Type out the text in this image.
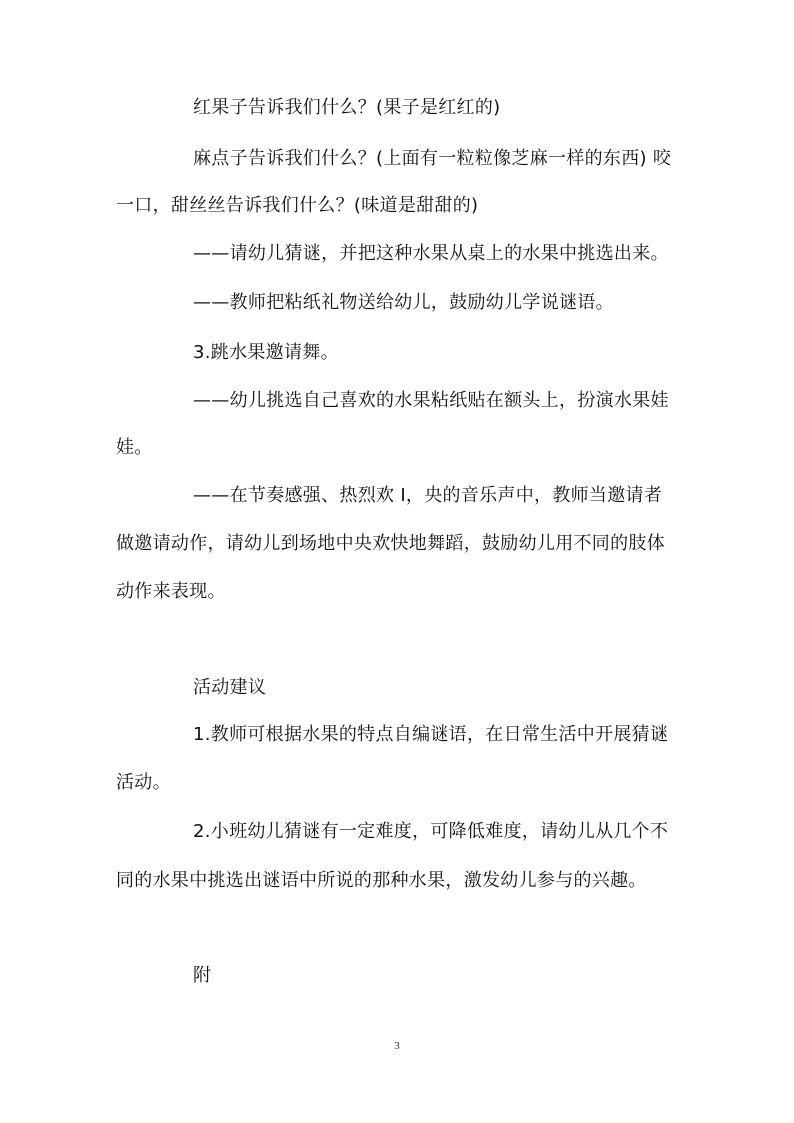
红果子告诉我们什么？(果子是红红的)
麻点子告诉我们什么？(上面有一粒粒像芝麻一样的东西) 咬
一口，甜丝丝告诉我们什么？(味道是甜甜的)
——请幼儿猜谜，并把这种水果从桌上的水果中挑选出来。
——教师把粘纸礼物送给幼儿，鼓励幼儿学说谜语。
3.跳水果邀请舞。
——幼儿挑选自己喜欢的水果粘纸贴在额头上，扮演水果娃
娃。
——在节奏感强、热烈欢 I，央的音乐声中，教师当邀请者
做邀请动作，请幼儿到场地中央欢快地舞蹈，鼓励幼儿用不同的肢体
动作来表现。
活动建议
1.教师可根据水果的特点自编谜语，在日常生活中开展猜谜
活动。
2.小班幼儿猜谜有一定难度，可降低难度，请幼儿从几个不
同的水果中挑选出谜语中所说的那种水果，激发幼儿参与的兴趣。
附
3
